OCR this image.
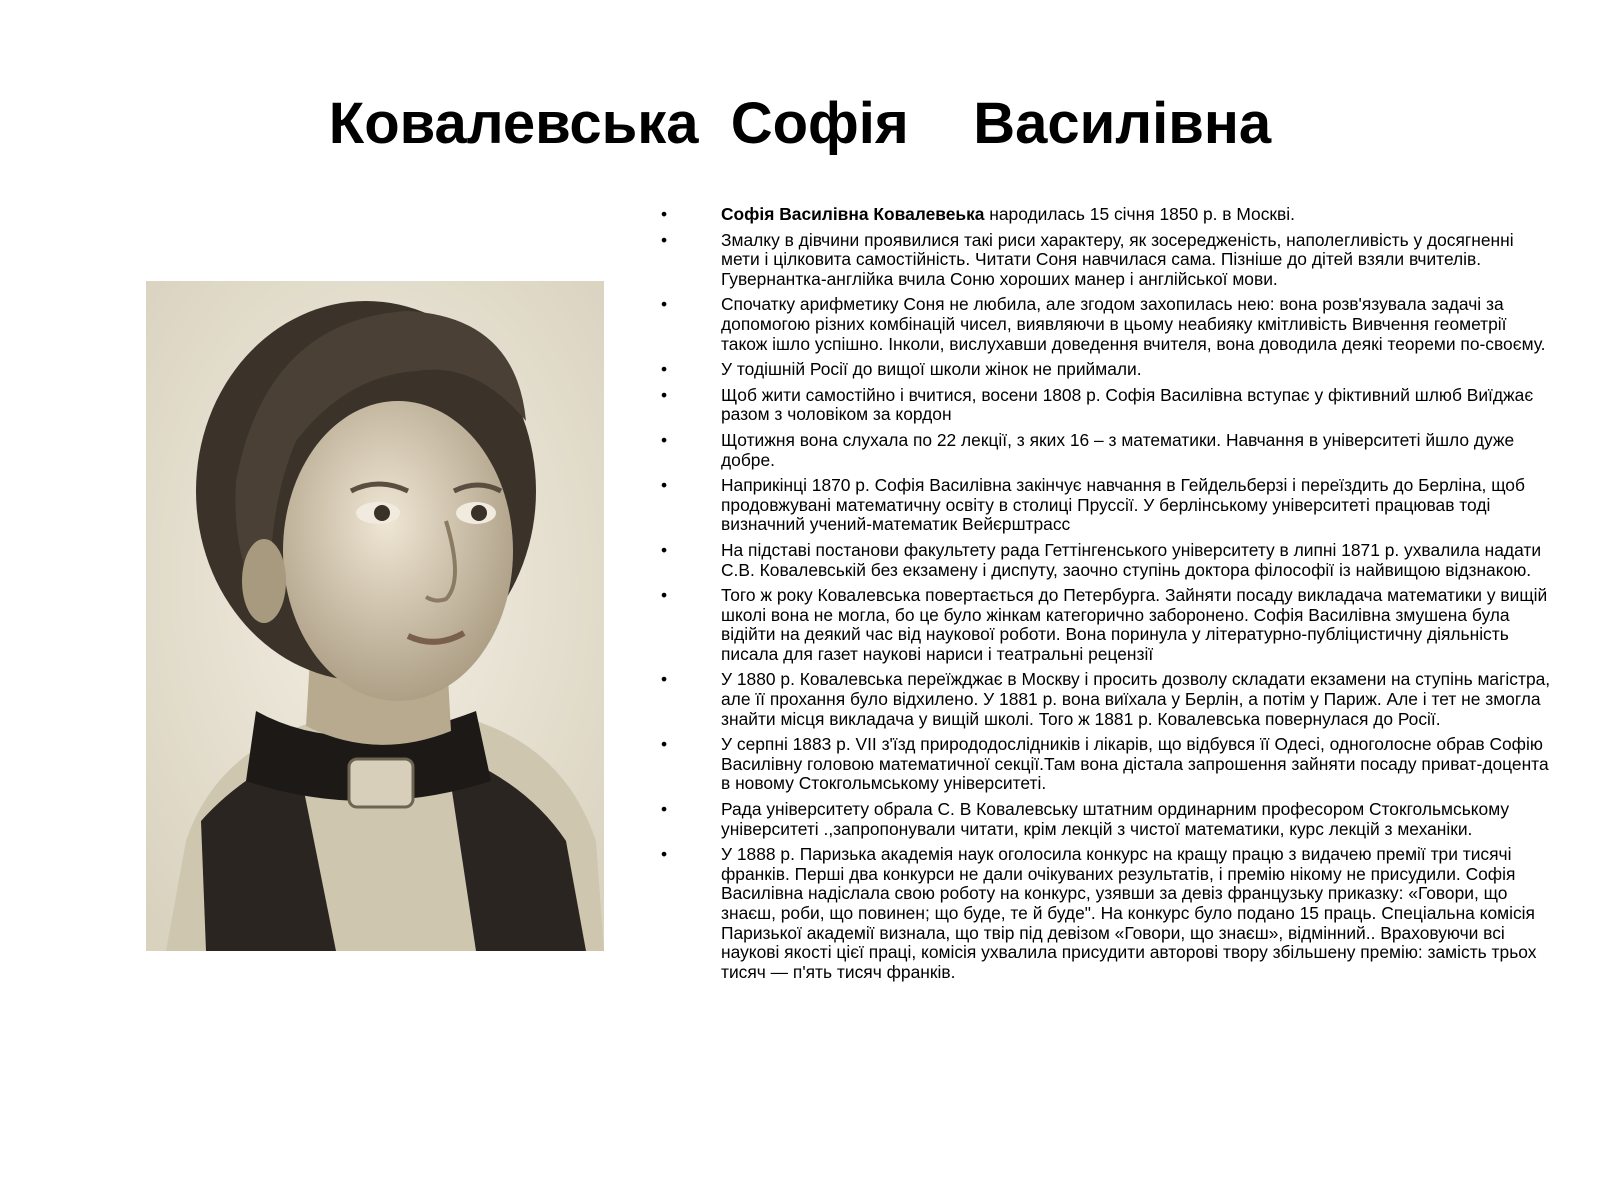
Ковалевська  Софія    Василівна
•	Софія Василівна Ковалевеька народилась 15 січня 1850 р. в Москві.
•	Змалку в дівчини проявилися такі риси характеру, як зосередженість, наполегливість у досягненні мети і цілковита самостійність. Читати Соня навчилася сама. Пізніше до дітей взяли вчителів. Гувернантка-англійка вчила Соню хороших манер і англійської мови.
•	Спочатку арифметику Соня не любила, але згодом захопилась нею: вона розв'язувала задачі за допомогою різних комбінацій чисел, виявляючи в цьому неабияку кмітливість Вивчення геометрії також ішло успішно. Інколи, вислухавши доведення вчителя, вона доводила деякі теореми по-своєму.
•	У тодішній Росії до вищої школи жінок не приймали.
•	Щоб жити самостійно і вчитися, восени 1808 р. Софія Василівна вступає у фіктивний шлюб Виїджає разом з чоловіком за кордон
•	Щотижня вона слухала по 22 лекції, з яких 16 – з математики. Навчання в університеті йшло дуже добре.
•	Наприкінці 1870 р. Софія Василівна закінчує навчання в Гейдельберзі і переїздить до Берліна, щоб продовжувані математичну освіту в столиці Пруссії. У берлінському університеті працював тоді визначний учений-математик Вейєрштрасс
•	На підставі постанови факультету рада Геттінгенського університету в липні 1871 р. ухвалила надати С.В. Ковалевській без екзамену і диспуту, заочно ступінь доктора філософії із найвищою відзнакою.
•	Того ж року Ковалевська повертається до Петербурга. Зайняти посаду викладача математики у вищій школі вона не могла, бо це було жінкам категорично заборонено. Софія Василівна змушена була відійти на деякий час від наукової роботи. Вона поринула у літературно-публіцистичну діяльність писала для газет наукові нариси і театральні рецензії
•	У 1880 р. Ковалевська переїжджає в Москву і просить дозволу складати екзамени на ступінь магістра, але її прохання було відхилено. У 1881 р. вона виїхала у Берлін, а потім у Париж. Але і тет не змогла знайти місця викладача у вищій школі. Того ж 1881 р. Ковалевська повернулася до Росії.
•	У серпні 1883 р. VII з'їзд природодослідників і лікарів, що відбувся її Одесі, одноголосне обрав Софію Василівну головою математичної секції.Там вона дістала запрошення зайняти посаду приват-доцента в новому Стокгольмському університеті.
•	Рада університету обрала С. В Ковалевську штатним ординарним професором Стокгольмському університеті .,запропонували читати, крім лекцій з чистої математики, курс лекцій з механіки.
•	У 1888 р. Паризька академія наук оголосила конкурс на кращу працю з видачею премії три тисячі франків. Перші два конкурси не дали очікуваних результатів, і премію нікому не присудили. Софія Василівна надіслала свою роботу на конкурс, узявши за девіз французьку приказку: «Говори, що знаєш, роби, що повинен; що буде, те й буде". На конкурс було подано 15 праць. Спеціальна комісія Паризької академії визнала, що твір під девізом «Говори, що знаєш», відмінний.. Враховуючи всі наукові якості цієї праці, комісія ухвалила присудити авторові твору збільшену премію: замість трьох тисяч — п'ять тисяч франків.
